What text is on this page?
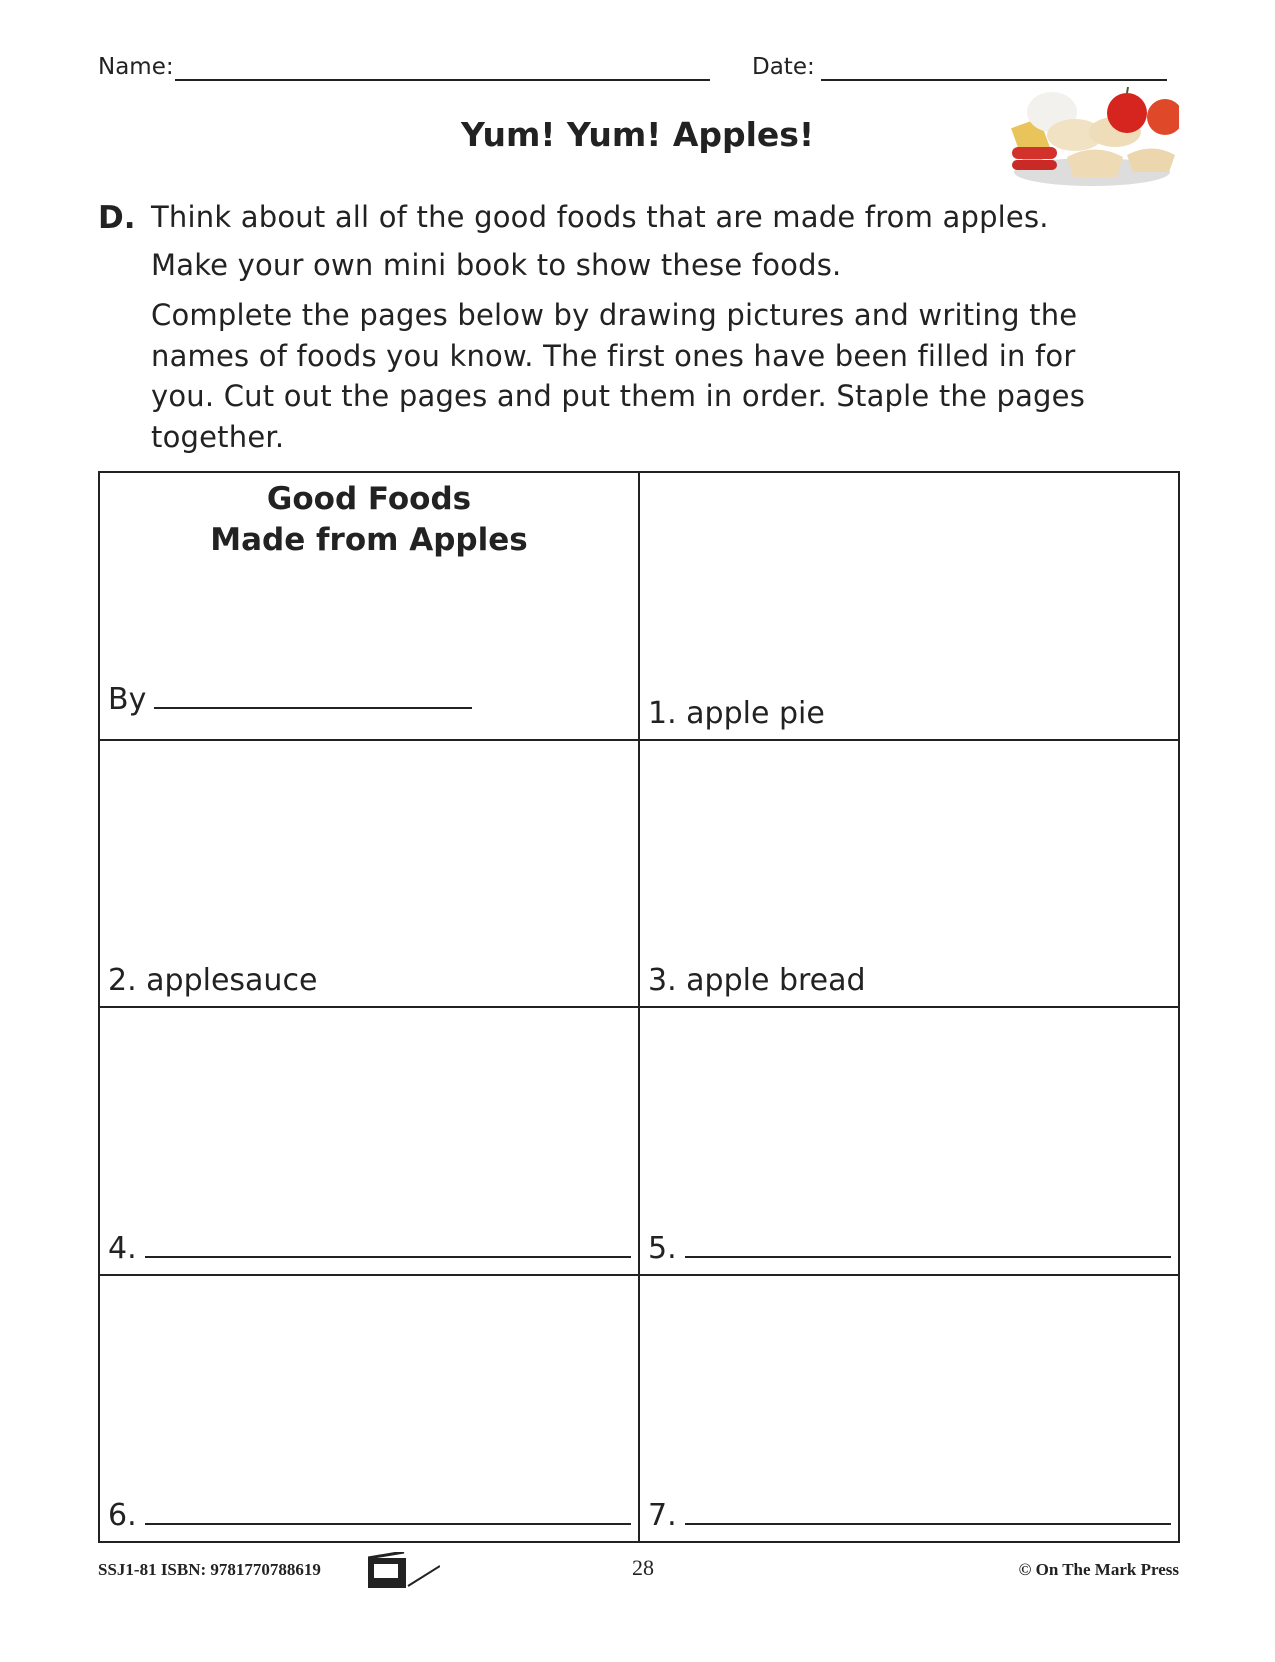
Name:	Date:
Yum! Yum! Apples!
D. Think about all of the good foods that are made from apples.
Make your own mini book to show these foods.
Complete the pages below by drawing pictures and writing the
names of foods you know. The first ones have been filled in for
you. Cut out the pages and put them in order. Staple the pages
together.
Good Foods
Made from Apples
By	1. apple pie

2. applesauce	3. apple bread

4.	5.

6.	7.
SSJ1-81 ISBN: 9781770788619	28	© On The Mark Press
